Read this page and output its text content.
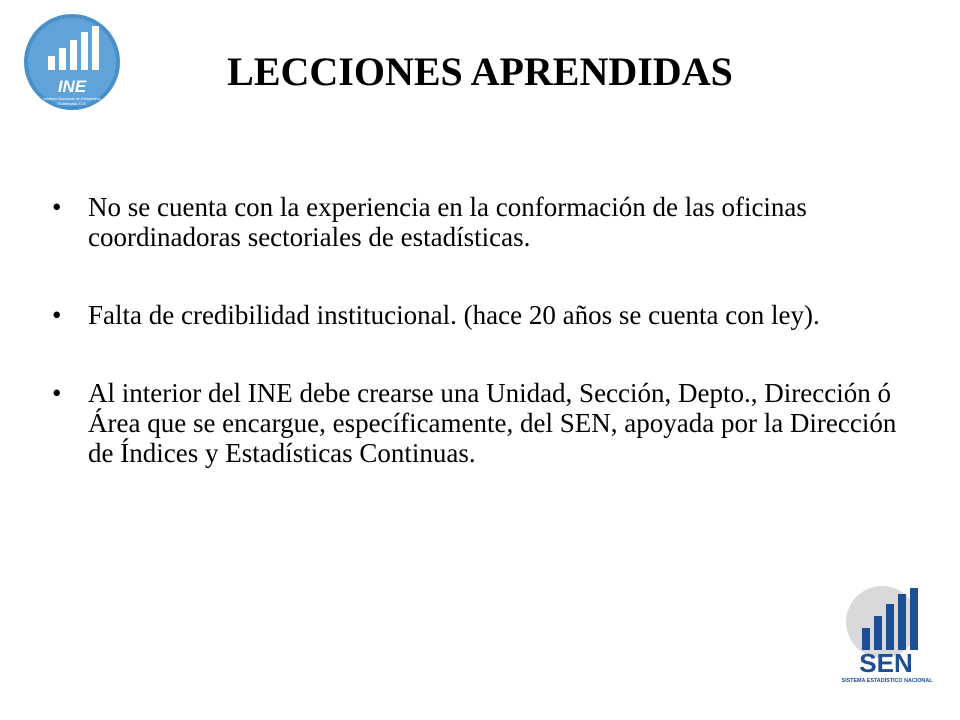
INE
Instituto Nacional de Estadística
Guatemala, C.A.
LECCIONES APRENDIDAS
• No se cuenta con la experiencia en la conformación de las oficinas coordinadoras sectoriales de estadísticas.
• Falta de credibilidad institucional. (hace 20 años se cuenta con ley).
• Al interior del INE debe crearse una Unidad, Sección, Depto., Dirección ó Área que se encargue, específicamente, del SEN, apoyada por la Dirección de Índices y Estadísticas Continuas.
SEN
SISTEMA ESTADÍSTICO NACIONAL
